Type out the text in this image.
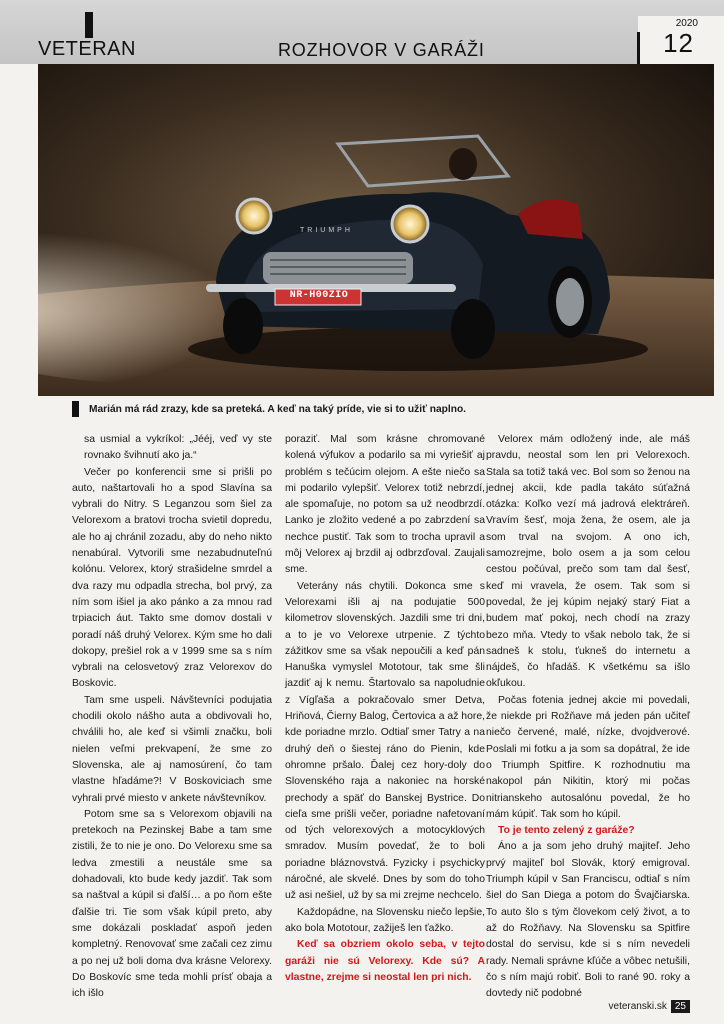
VETERAN	ROZHOVOR V GARÁŽI
2020
12
NR-H00ZIO
TRIUMPH
Marián má rád zrazy, kde sa preteká. A keď na taký príde, vie si to užiť naplno.

sa usmial a vykríkol: „Jééj, veď vy ste rovnako švihnutí ako ja.“

Večer po konferencii sme si prišli po auto, naštartovali ho a spod Slavína sa vybrali do Nitry. S Leganzou som šiel za Velorexom a bratovi trocha svietil dopredu, ale ho aj chránil zozadu, aby do neho nikto nenabúral. Vytvorili sme nezabudnuteľnú kolónu. Velorex, ktorý strašidelne smrdel a dva razy mu odpadla strecha, bol prvý, za ním som išiel ja ako pánko a za mnou rad trpiacich áut. Takto sme domov dostali v poradí náš druhý Velorex. Kým sme ho dali dokopy, prešiel rok a v 1999 sme sa s ním vybrali na celosvetový zraz Velorexov do Boskovic.

Tam sme uspeli. Návštevníci podujatia chodili okolo nášho auta a obdivovali ho, chválili ho, ale keď si všimli značku, boli nielen veľmi prekvapení, že sme zo Slovenska, ale aj namosúrení, čo tam vlastne hľadáme?! V Boskoviciach sme vyhrali prvé miesto v ankete návštevníkov.

Potom sme sa s Velorexom objavili na pretekoch na Pezinskej Babe a tam sme zistili, že to nie je ono. Do Velorexu sme sa ledva zmestili a neustále sme sa dohadovali, kto bude kedy jazdiť. Tak som sa naštval a kúpil si ďalší… a po ňom ešte ďalšie tri. Tie som však kúpil preto, aby sme dokázali poskladať aspoň jeden kompletný. Renovovať sme začali cez zimu a po nej už boli doma dva krásne Velorexy. Do Boskovíc sme teda mohli prísť obaja a ich išlo

poraziť. Mal som krásne chromované kolená výfukov a podarilo sa mi vyriešiť aj problém s tečúcim olejom. A ešte niečo sa mi podarilo vylepšiť. Velorex totiž nebrzdí, ale spomaľuje, no potom sa už neodbrzdí. Lanko je zložito vedené a po zabrzdení sa nechce pustiť. Tak som to trocha upravil a môj Velorex aj brzdil aj odbrzďoval. Zaujali sme.

Veterány nás chytili. Dokonca sme s Velorexami išli aj na podujatie 500 kilometrov slovenských. Jazdili sme tri dni, a to je vo Velorexe utrpenie. Z týchto zážitkov sme sa však nepoučili a keď pán Hanuška vymyslel Mototour, tak sme šli jazdiť aj k nemu. Štartovalo sa napoludnie z Vígľaša a pokračovalo smer Detva, Hriňová, Čierny Balog, Čertovica a až hore, kde poriadne mrzlo. Odtiaľ smer Tatry a na druhý deň o šiestej ráno do Pienin, kde ohromne pršalo. Ďalej cez hory-doly do Slovenského raja a nakoniec na horské prechody a späť do Banskej Bystrice. Do cieľa sme prišli večer, poriadne nafetovaní od tých velorexových a motocyklových smradov. Musím povedať, že to boli poriadne bláznovstvá. Fyzicky i psychicky náročné, ale skvelé. Dnes by som do toho už asi nešiel, už by sa mi zrejme nechcelo.

Každopádne, na Slovensku niečo lepšie, ako bola Mototour, zažiješ len ťažko.

Keď sa obzriem okolo seba, v tejto garáži nie sú Velorexy. Kde sú? A vlastne, zrejme si neostal len pri nich.

Velorex mám odložený inde, ale máš pravdu, neostal som len pri Velorexoch. Stala sa totiž taká vec. Bol som so ženou na jednej akcii, kde padla takáto súťažná otázka: Koľko vezí má jadrová elektráreň. Vravím šesť, moja žena, že osem, ale ja som trval na svojom. A ono ich, samozrejme, bolo osem a ja som celou cestou počúval, prečo som tam dal šesť, keď mi vravela, že osem. Tak som si povedal, že jej kúpim nejaký starý Fiat a budem mať pokoj, nech chodí na zrazy bezo mňa. Vtedy to však nebolo tak, že si sadneš k stolu, ťukneš do internetu a nájdeš, čo hľadáš. K všetkému sa išlo okľukou.

Počas fotenia jednej akcie mi povedali, že niekde pri Rožňave má jeden pán učiteľ niečo červené, malé, nízke, dvojdverové. Poslali mi fotku a ja som sa dopátral, že ide o Triumph Spitfire. K rozhodnutiu ma nakopol pán Nikitin, ktorý mi počas nitrianskeho autosalónu povedal, že ho mám kúpiť. Tak som ho kúpil.

To je tento zelený z garáže?

Áno a ja som jeho druhý majiteľ. Jeho prvý majiteľ bol Slovák, ktorý emigroval. Triumph kúpil v San Franciscu, odtiaľ s ním šiel do San Diega a potom do Švajčiarska. To auto šlo s tým človekom celý život, a to až do Rožňavy. Na Slovensku sa Spitfire dostal do servisu, kde si s ním nevedeli rady. Nemali správne kľúče a vôbec netušili, čo s ním majú robiť. Boli to rané 90. roky a dovtedy nič podobné

veteranski.sk 25
